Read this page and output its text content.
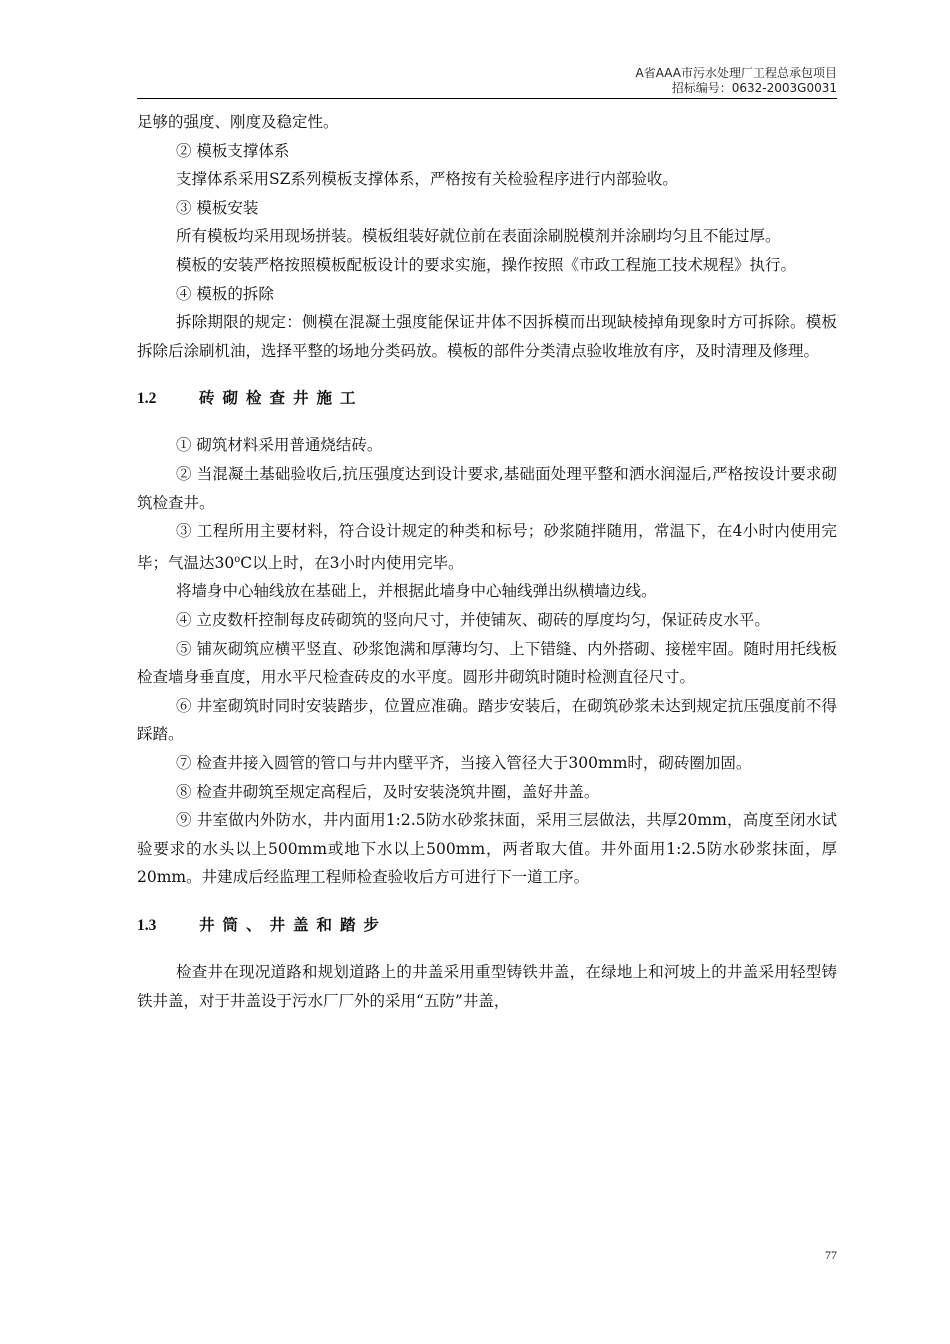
A省AAA市污水处理厂工程总承包项目
招标编号：0632-2003G0031

足够的强度、刚度及稳定性。

② 模板支撑体系

支撑体系采用SZ系列模板支撑体系，严格按有关检验程序进行内部验收。

③ 模板安装

所有模板均采用现场拼装。模板组装好就位前在表面涂刷脱模剂并涂刷均匀且不能过厚。

模板的安装严格按照模板配板设计的要求实施，操作按照《市政工程施工技术规程》执行。

④ 模板的拆除

拆除期限的规定：侧模在混凝土强度能保证井体不因拆模而出现缺棱掉角现象时方可拆除。模板拆除后涂刷机油，选择平整的场地分类码放。模板的部件分类清点验收堆放有序，及时清理及修理。

1.2	砖砌检查井施工

① 砌筑材料采用普通烧结砖。

② 当混凝土基础验收后,抗压强度达到设计要求,基础面处理平整和洒水润湿后,严格按设计要求砌筑检查井。

③ 工程所用主要材料，符合设计规定的种类和标号；砂浆随拌随用，常温下，在4小时内使用完毕；气温达30$^o$C以上时，在3小时内使用完毕。

将墙身中心轴线放在基础上，并根据此墙身中心轴线弹出纵横墙边线。

④ 立皮数杆控制每皮砖砌筑的竖向尺寸，并使铺灰、砌砖的厚度均匀，保证砖皮水平。

⑤ 铺灰砌筑应横平竖直、砂浆饱满和厚薄均匀、上下错缝、内外搭砌、接槎牢固。随时用托线板检查墙身垂直度，用水平尺检查砖皮的水平度。圆形井砌筑时随时检测直径尺寸。

⑥ 井室砌筑时同时安装踏步，位置应准确。踏步安装后，在砌筑砂浆未达到规定抗压强度前不得踩踏。

⑦ 检查井接入圆管的管口与井内壁平齐，当接入管径大于300mm时，砌砖圈加固。

⑧ 检查井砌筑至规定高程后，及时安装浇筑井圈，盖好井盖。

⑨ 井室做内外防水，井内面用1:2.5防水砂浆抹面，采用三层做法，共厚20mm，高度至闭水试验要求的水头以上500mm或地下水以上500mm，两者取大值。井外面用1:2.5防水砂浆抹面，厚20mm。井建成后经监理工程师检查验收后方可进行下一道工序。

1.3	井筒、井盖和踏步

检查井在现况道路和规划道路上的井盖采用重型铸铁井盖，在绿地上和河坡上的井盖采用轻型铸铁井盖，对于井盖设于污水厂厂外的采用“五防”井盖，

77
